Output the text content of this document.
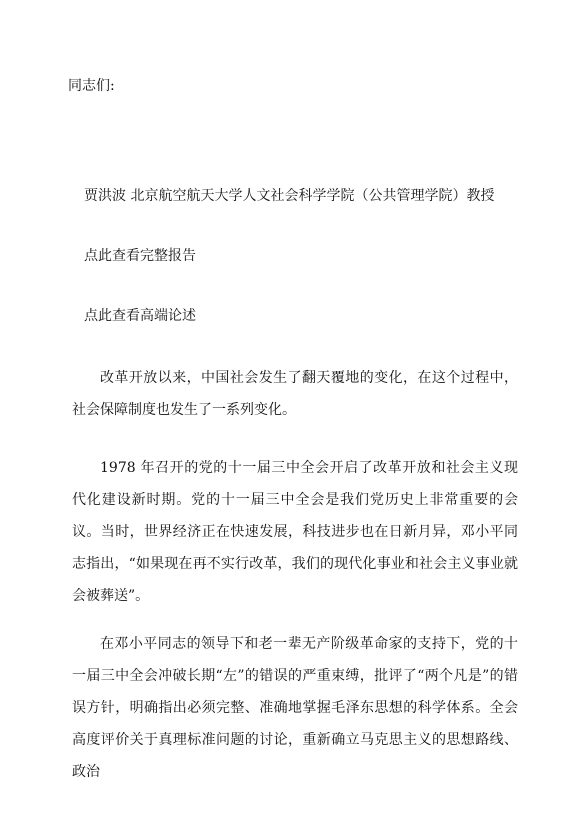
同志们:
贾洪波 北京航空航天大学人文社会科学学院（公共管理学院）教授
点此查看完整报告
点此查看高端论述
改革开放以来，中国社会发生了翻天覆地的变化，在这个过程中，社会保障制度也发生了一系列变化。
1978 年召开的党的十一届三中全会开启了改革开放和社会主义现代化建设新时期。党的十一届三中全会是我们党历史上非常重要的会议。当时，世界经济正在快速发展，科技进步也在日新月异，邓小平同志指出，“如果现在再不实行改革，我们的现代化事业和社会主义事业就会被葬送”。
在邓小平同志的领导下和老一辈无产阶级革命家的支持下，党的十一届三中全会冲破长期“左”的错误的严重束缚，批评了“两个凡是”的错误方针，明确指出必须完整、准确地掌握毛泽东思想的科学体系。全会高度评价关于真理标准问题的讨论，重新确立马克思主义的思想路线、政治
